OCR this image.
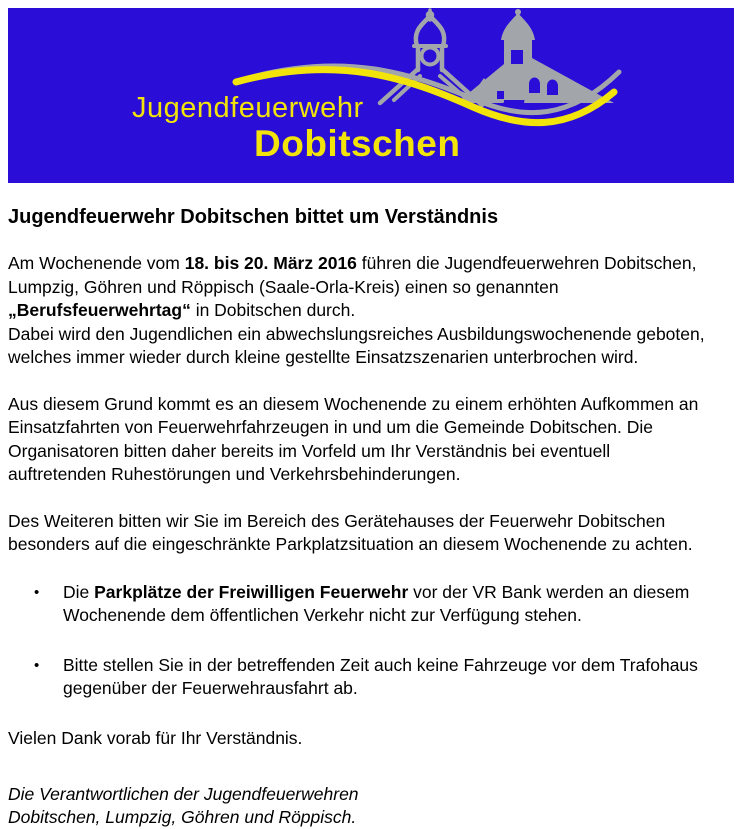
Jugendfeuerwehr
Dobitschen
Jugendfeuerwehr Dobitschen bittet um Verständnis

Am Wochenende vom 18. bis 20. März 2016 führen die Jugendfeuerwehren Dobitschen,
Lumpzig, Göhren und Röppisch (Saale-Orla-Kreis) einen so genannten
„Berufsfeuerwehrtag“ in Dobitschen durch.
Dabei wird den Jugendlichen ein abwechslungsreiches Ausbildungswochenende geboten,
welches immer wieder durch kleine gestellte Einsatzszenarien unterbrochen wird.

Aus diesem Grund kommt es an diesem Wochenende zu einem erhöhten Aufkommen an
Einsatzfahrten von Feuerwehrfahrzeugen in und um die Gemeinde Dobitschen. Die
Organisatoren bitten daher bereits im Vorfeld um Ihr Verständnis bei eventuell
auftretenden Ruhestörungen und Verkehrsbehinderungen.

Des Weiteren bitten wir Sie im Bereich des Gerätehauses der Feuerwehr Dobitschen
besonders auf die eingeschränkte Parkplatzsituation an diesem Wochenende zu achten.

• Die Parkplätze der Freiwilligen Feuerwehr vor der VR Bank werden an diesem
Wochenende dem öffentlichen Verkehr nicht zur Verfügung stehen.
• Bitte stellen Sie in der betreffenden Zeit auch keine Fahrzeuge vor dem Trafohaus
gegenüber der Feuerwehrausfahrt ab.

Vielen Dank vorab für Ihr Verständnis.

Die Verantwortlichen der Jugendfeuerwehren
Dobitschen, Lumpzig, Göhren und Röppisch.
